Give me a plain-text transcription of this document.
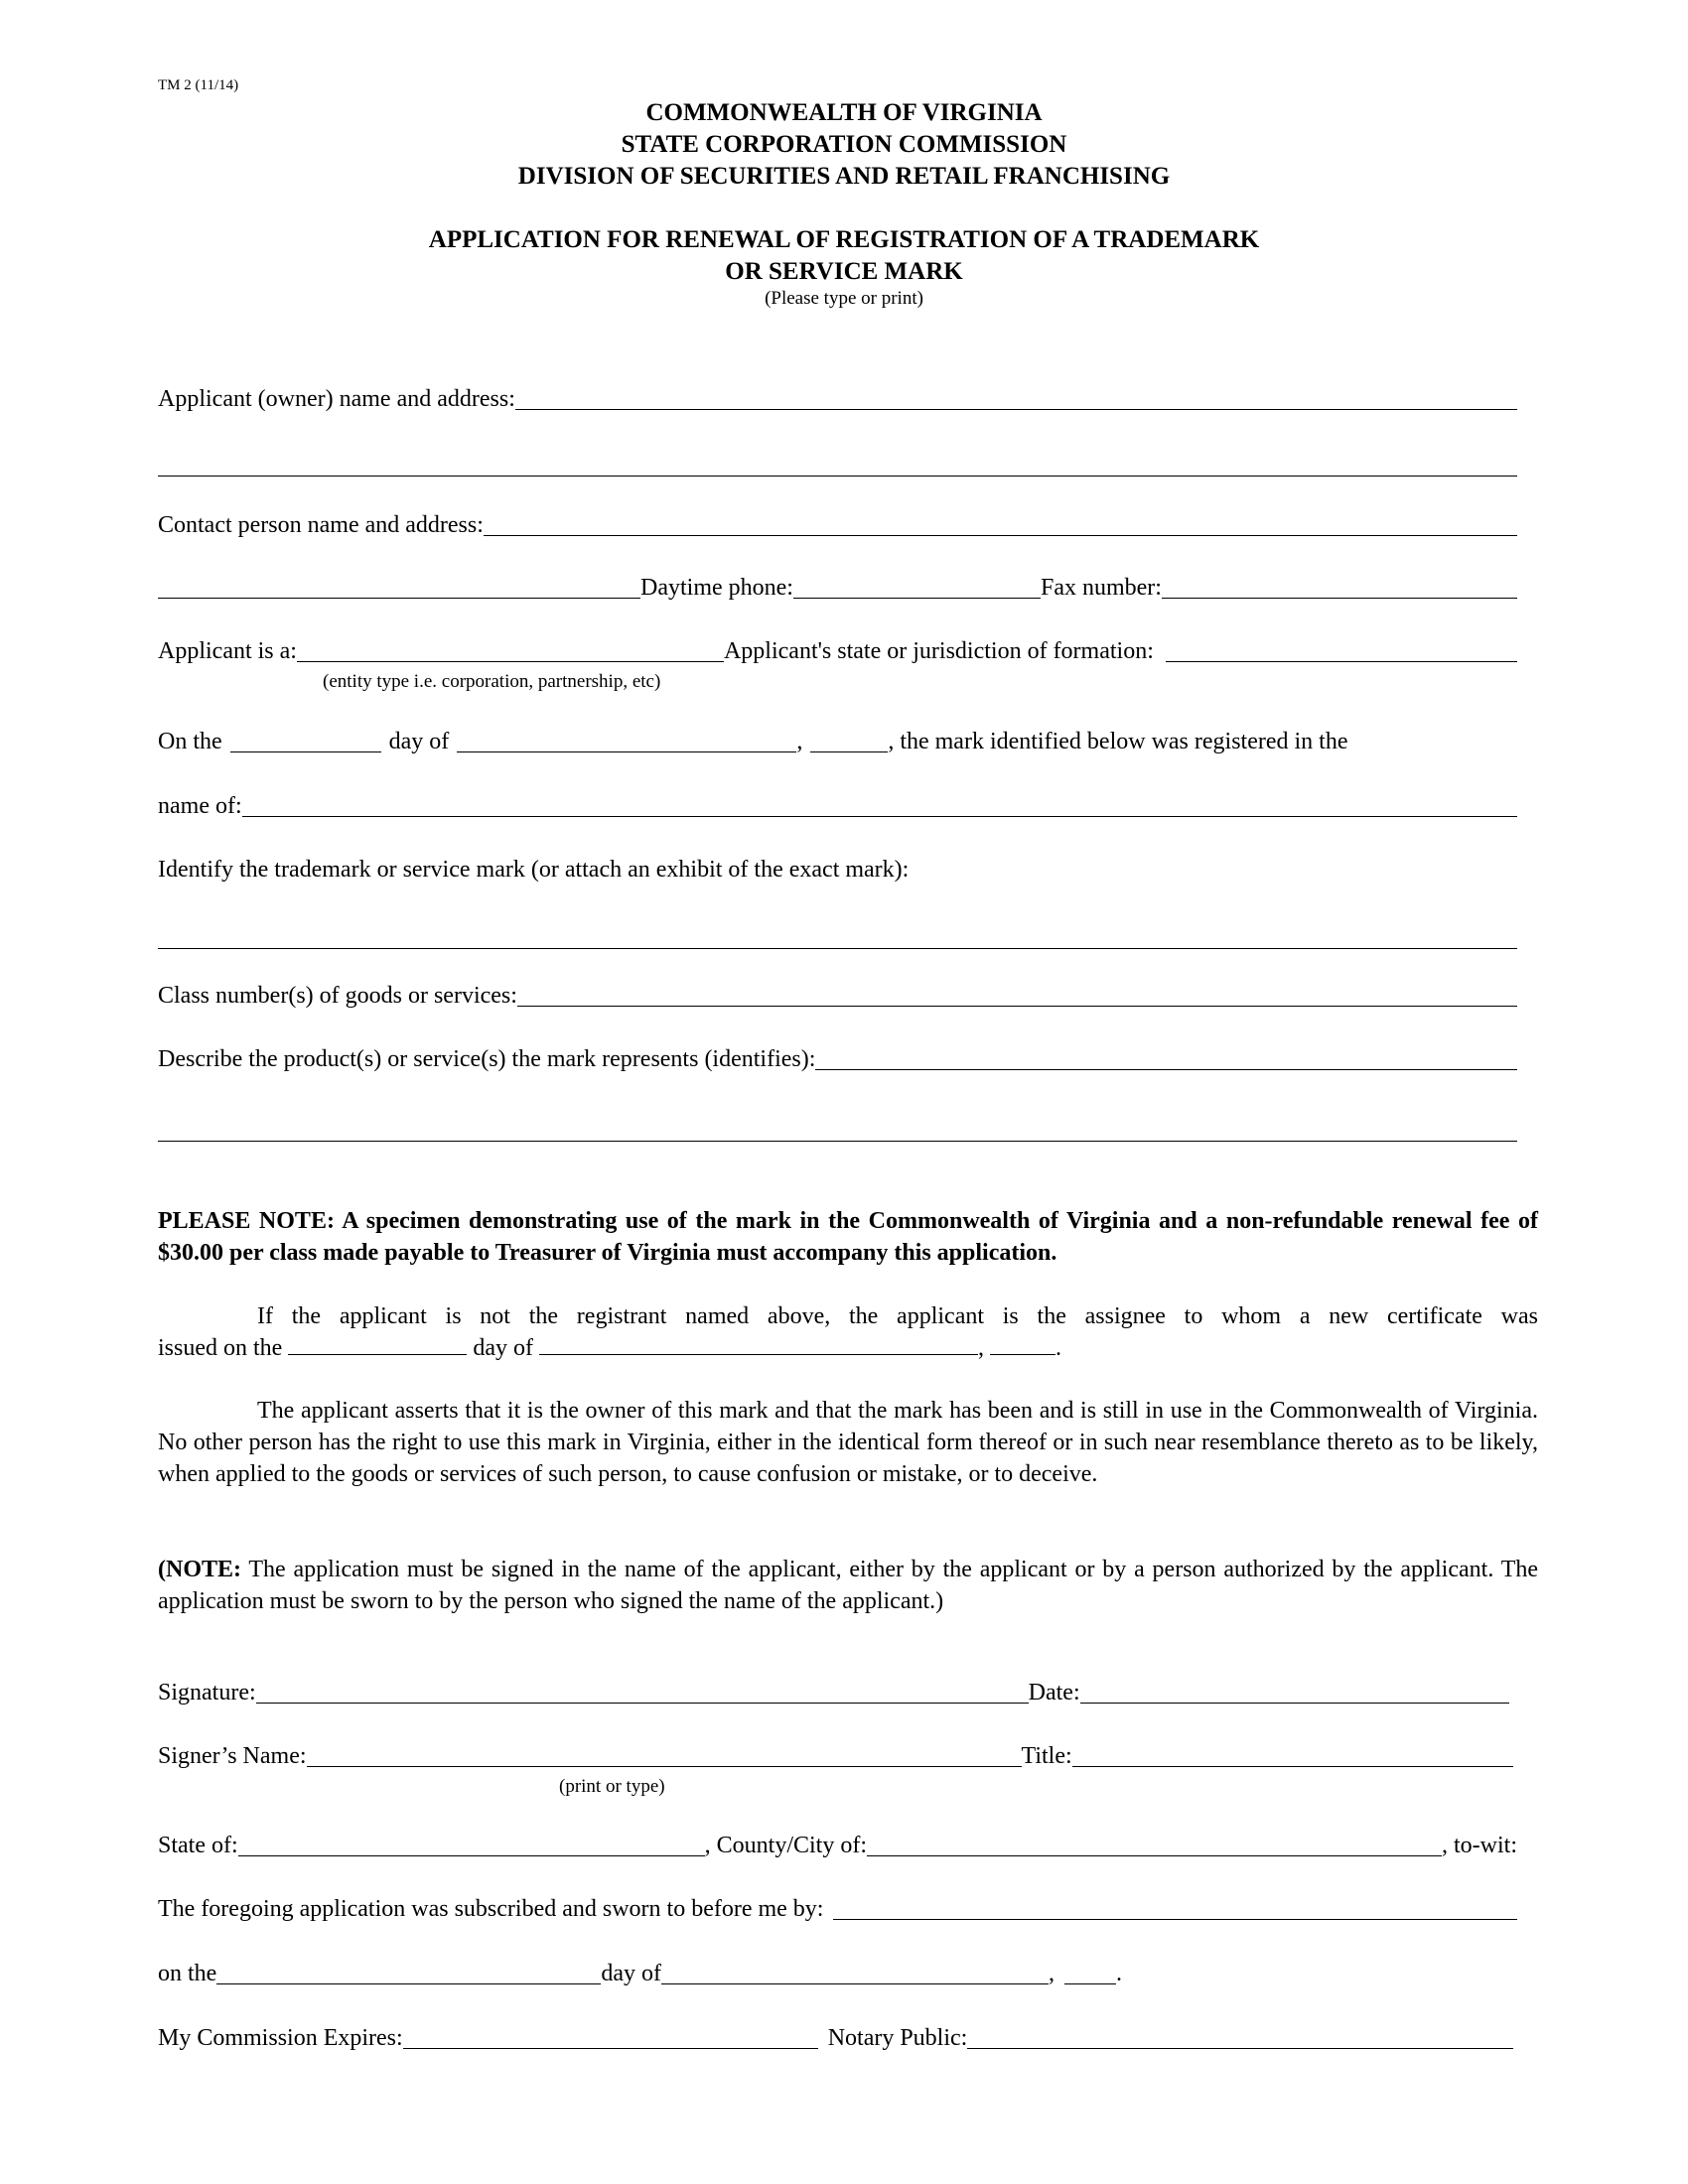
TM 2 (11/14)
COMMONWEALTH OF VIRGINIA
STATE CORPORATION COMMISSION
DIVISION OF SECURITIES AND RETAIL FRANCHISING
APPLICATION FOR RENEWAL OF REGISTRATION OF A TRADEMARK
OR SERVICE MARK
(Please type or print)
Applicant (owner) name and address:
Contact person name and address:
Daytime phone:	Fax number:
Applicant is a:	Applicant's state or jurisdiction of formation:
(entity type i.e. corporation, partnership, etc)
On the	day of	,	, the mark identified below was registered in the
name of:
Identify the trademark or service mark (or attach an exhibit of the exact mark):
Class number(s) of goods or services:
Describe the product(s) or service(s) the mark represents (identifies):
PLEASE NOTE: A specimen demonstrating use of the mark in the Commonwealth of Virginia and a non-refundable renewal fee of $30.00 per class made payable to Treasurer of Virginia must accompany this application.
If the applicant is not the registrant named above, the applicant is the assignee to whom a new certificate was
issued on the	day of	,	.
The applicant asserts that it is the owner of this mark and that the mark has been and is still in use in the Commonwealth of Virginia. No other person has the right to use this mark in Virginia, either in the identical form thereof or in such near resemblance thereto as to be likely, when applied to the goods or services of such person, to cause confusion or mistake, or to deceive.
(NOTE: The application must be signed in the name of the applicant, either by the applicant or by a person authorized by the applicant. The application must be sworn to by the person who signed the name of the applicant.)
Signature:	Date:
Signer’s Name:	Title:
(print or type)
State of:	, County/City of:	, to-wit:
The foregoing application was subscribed and sworn to before me by:
on the	day of	,	.
My Commission Expires:	Notary Public:
